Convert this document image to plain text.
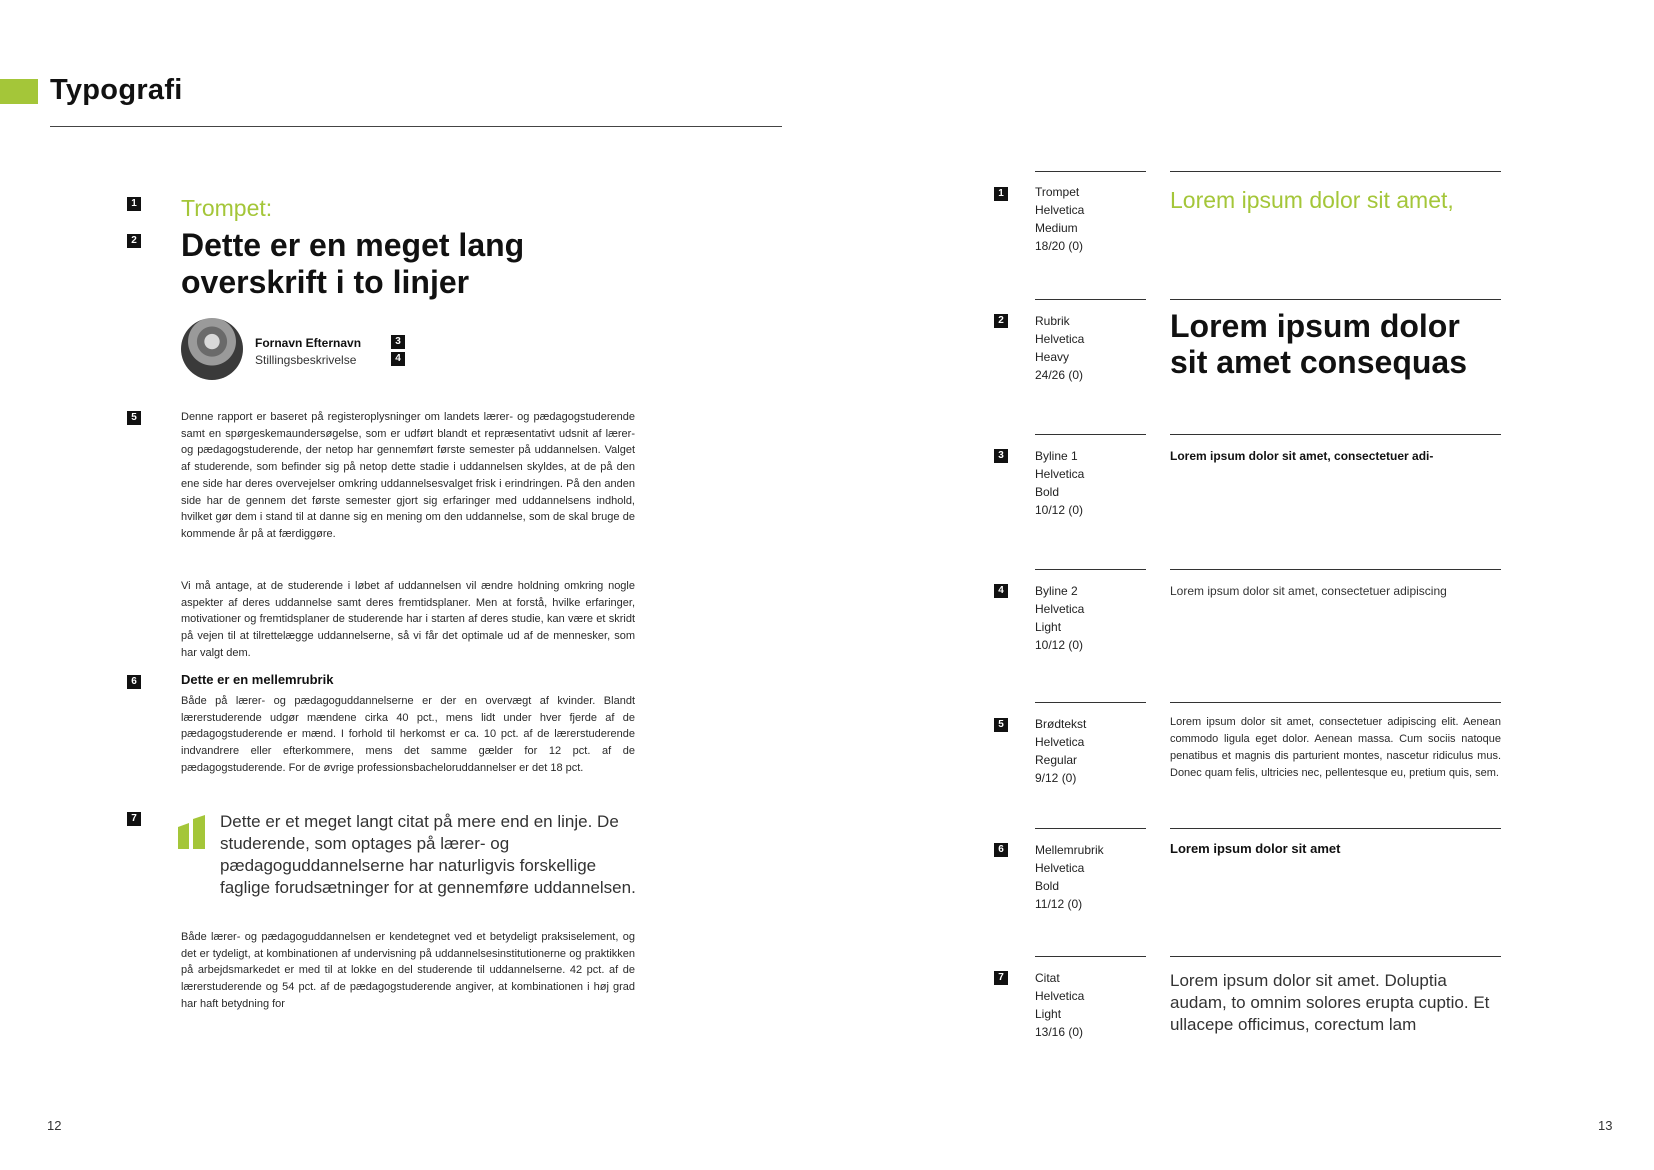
Typografi
1 Trompet:
2 Dette er en meget lang
overskrift i to linjer
Fornavn Efternavn
Stillingsbeskrivelse
3
4
5	Denne rapport er baseret på registeroplysninger om landets lærer- og pædagogstuderende samt en spørgeskemaundersøgelse, som er udført blandt et repræsentativt udsnit af lærer- og pædagogstuderende, der netop har gennemført første semester på uddannelsen. Valget af studerende, som befinder sig på netop dette stadie i uddannelsen skyldes, at de på den ene side har deres overvejelser omkring uddannelsesvalget frisk i erindringen. På den anden side har de gennem det første semester gjort sig erfaringer med uddannelsens indhold, hvilket gør dem i stand til at danne sig en mening om den uddannelse, som de skal bruge de kommende år på at færdiggøre.
Vi må antage, at de studerende i løbet af uddannelsen vil ændre holdning omkring nogle aspekter af deres uddannelse samt deres fremtidsplaner. Men at forstå, hvilke erfaringer, motivationer og fremtidsplaner de studerende har i starten af deres studie, kan være et skridt på vejen til at tilrettelægge uddannelserne, så vi får det optimale ud af de mennesker, som har valgt dem.
6	Dette er en mellemrubrik
Både på lærer- og pædagoguddannelserne er der en overvægt af kvinder. Blandt lærerstuderende udgør mændene cirka 40 pct., mens lidt under hver fjerde af de pædagogstuderende er mænd. I forhold til herkomst er ca. 10 pct. af de lærerstuderende indvandrere eller efterkommere, mens det samme gælder for 12 pct. af de pædagogstuderende. For de øvrige professionsbacheloruddannelser er det 18 pct.
7	Dette er et meget langt citat på mere end en linje. De studerende, som optages på lærer- og pædagoguddannelserne har naturligvis forskellige faglige forudsætninger for at gennemføre uddannelsen.
Både lærer- og pædagoguddannelsen er kendetegnet ved et betydeligt praksiselement, og det er tydeligt, at kombinationen af undervisning på uddannelsesinstitutionerne og praktikken på arbejdsmarkedet er med til at lokke en del studerende til uddannelserne. 42 pct. af de lærerstuderende og 54 pct. af de pædagogstuderende angiver, at kombinationen i høj grad har haft betydning for
12
1	Trompet
Helvetica
Medium
18/20 (0)
Lorem ipsum dolor sit amet,
2	Rubrik
Helvetica
Heavy
24/26 (0)
Lorem ipsum dolor
sit amet consequas
3	Byline 1
Helvetica
Bold
10/12 (0)
Lorem ipsum dolor sit amet, consectetuer adi-
4	Byline 2
Helvetica
Light
10/12 (0)
Lorem ipsum dolor sit amet, consectetuer adipiscing
5	Brødtekst
Helvetica
Regular
9/12 (0)
Lorem ipsum dolor sit amet, consectetuer adipiscing elit. Aenean commodo ligula eget dolor. Aenean massa. Cum sociis natoque penatibus et magnis dis parturient montes, nascetur ridiculus mus. Donec quam felis, ultricies nec, pellentesque eu, pretium quis, sem.
6	Mellemrubrik
Helvetica
Bold
11/12 (0)
Lorem ipsum dolor sit amet
7	Citat
Helvetica
Light
13/16 (0)
Lorem ipsum dolor sit amet. Doluptia audam, to omnim solores erupta cuptio. Et ullacepe officimus, corectum lam
13
